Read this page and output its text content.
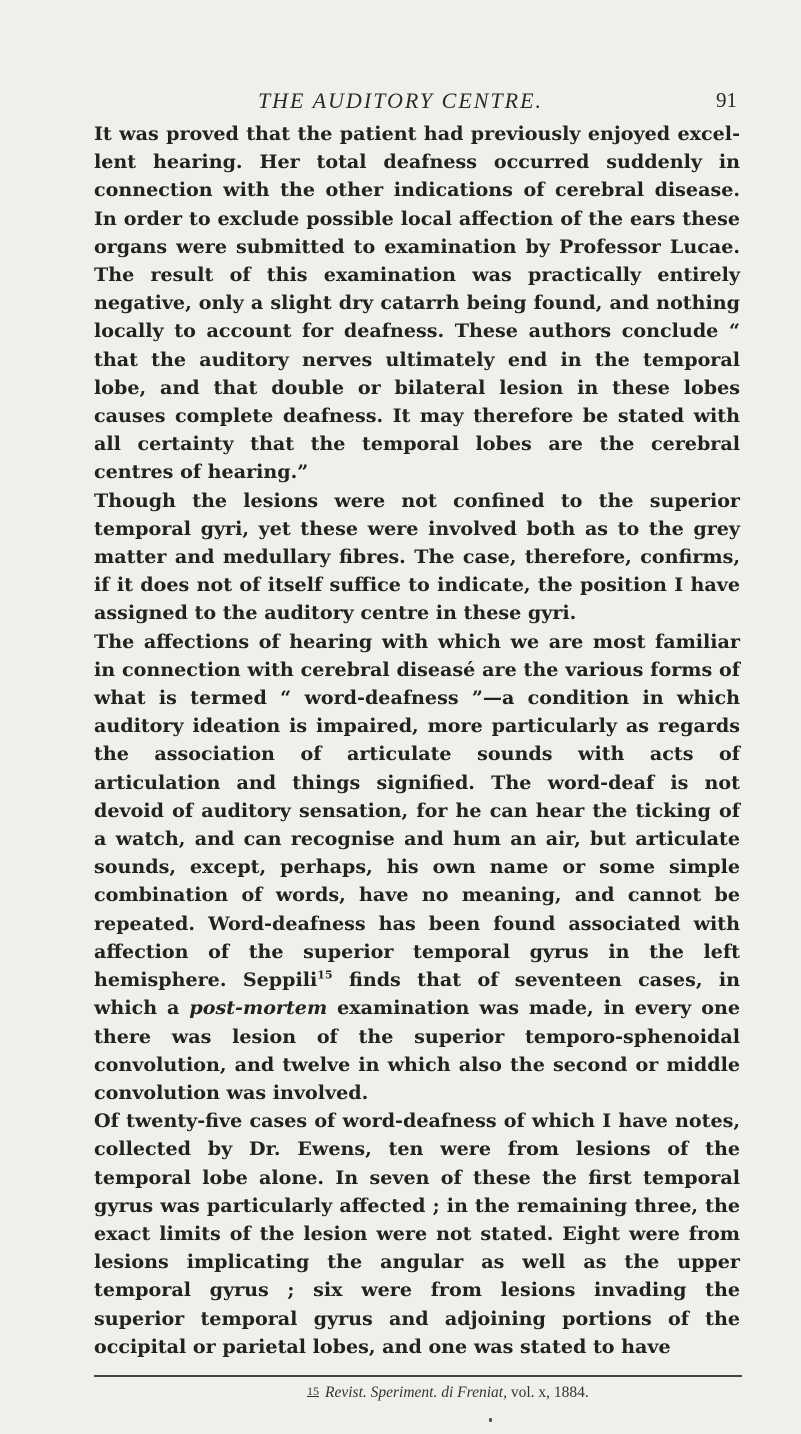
THE AUDITORY CENTRE.	91

It was proved that the patient had previously enjoyed excellent hearing. Her total deafness occurred suddenly in connection with the other indications of cerebral disease. In order to exclude possible local affection of the ears these organs were submitted to examination by Professor Lucae. The result of this examination was practically entirely negative, only a slight dry catarrh being found, and nothing locally to account for deafness. These authors conclude “ that the auditory nerves ultimately end in the temporal lobe, and that double or bilateral lesion in these lobes causes complete deafness. It may therefore be stated with all certainty that the temporal lobes are the cerebral centres of hearing.”

Though the lesions were not confined to the superior temporal gyri, yet these were involved both as to the grey matter and medullary fibres. The case, therefore, confirms, if it does not of itself suffice to indicate, the position I have assigned to the auditory centre in these gyri.

The affections of hearing with which we are most familiar in connection with cerebral diseasé are the various forms of what is termed “ word-deafness ”—a condition in which auditory ideation is impaired, more particularly as regards the association of articulate sounds with acts of articulation and things signified. The word-deaf is not devoid of auditory sensation, for he can hear the ticking of a watch, and can recognise and hum an air, but articulate sounds, except, perhaps, his own name or some simple combination of words, have no meaning, and cannot be repeated. Word-deafness has been found associated with affection of the superior temporal gyrus in the left hemisphere. Seppili$^{15}$ finds that of seventeen cases, in which a post-mortem examination was made, in every one there was lesion of the superior temporo-sphenoidal convolution, and twelve in which also the second or middle convolution was involved.

Of twenty-five cases of word-deafness of which I have notes, collected by Dr. Ewens, ten were from lesions of the temporal lobe alone. In seven of these the first temporal gyrus was particularly affected ; in the remaining three, the exact limits of the lesion were not stated. Eight were from lesions implicating the angular as well as the upper temporal gyrus ; six were from lesions invading the superior temporal gyrus and adjoining portions of the occipital or parietal lobes, and one was stated to have

15 Revist. Speriment. di Freniat, vol. x, 1884.
